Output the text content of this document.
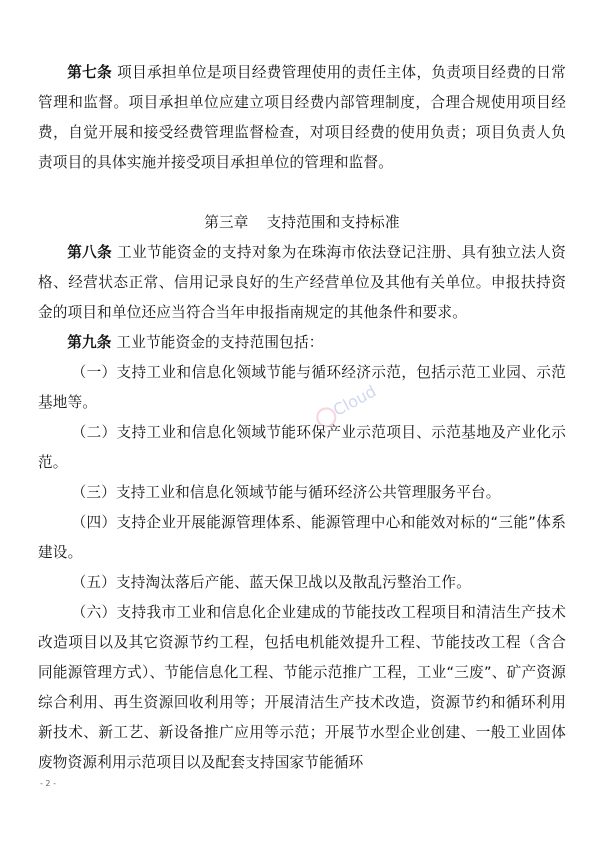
第七条 项目承担单位是项目经费管理使用的责任主体，负责项目经费的日常管理和监督。项目承担单位应建立项目经费内部管理制度，合理合规使用项目经费，自觉开展和接受经费管理监督检查，对项目经费的使用负责；项目负责人负责项目的具体实施并接受项目承担单位的管理和监督。

第三章 支持范围和支持标准

第八条 工业节能资金的支持对象为在珠海市依法登记注册、具有独立法人资格、经营状态正常、信用记录良好的生产经营单位及其他有关单位。申报扶持资金的项目和单位还应当符合当年申报指南规定的其他条件和要求。

第九条 工业节能资金的支持范围包括：

（一）支持工业和信息化领域节能与循环经济示范，包括示范工业园、示范基地等。

（二）支持工业和信息化领域节能环保产业示范项目、示范基地及产业化示范。

（三）支持工业和信息化领域节能与循环经济公共管理服务平台。

（四）支持企业开展能源管理体系、能源管理中心和能效对标的“三能”体系建设。

（五）支持淘汰落后产能、蓝天保卫战以及散乱污整治工作。

（六）支持我市工业和信息化企业建成的节能技改工程项目和清洁生产技术改造项目以及其它资源节约工程，包括电机能效提升工程、节能技改工程（含合同能源管理方式）、节能信息化工程、节能示范推广工程，工业“三废”、矿产资源综合利用、再生资源回收利用等；开展清洁生产技术改造，资源节约和循环利用新技术、新工艺、新设备推广应用等示范；开展节水型企业创建、一般工业固体废物资源利用示范项目以及配套支持国家节能循环

Cloud
- 2 -
